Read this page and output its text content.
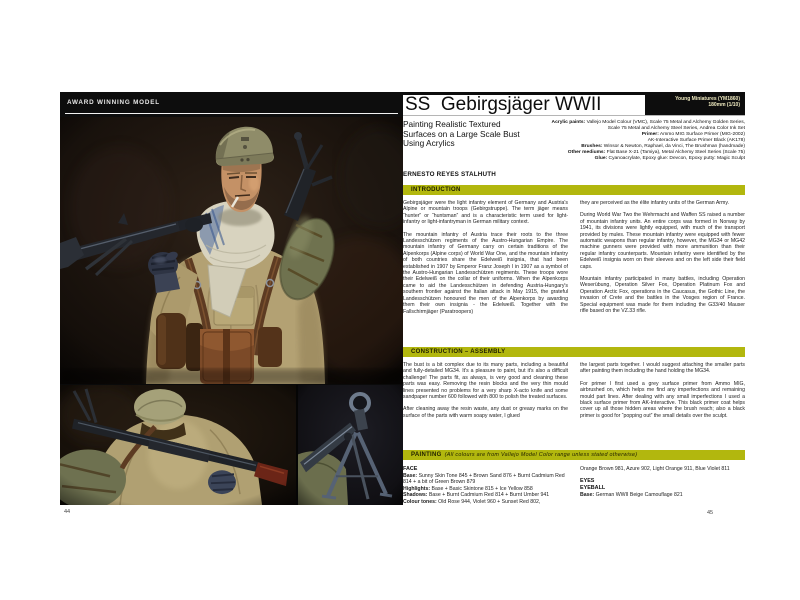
AWARD WINNING MODEL
44
SS  Gebirgsjäger WWII	Young Miniatures (YM1860)
180mm (1/10)
Painting Realistic Textured Surfaces on a Large Scale Bust Using Acrylics
Acrylic paints: Vallejo Model Colour (VMC), Scale 75 Metal and Alchemy Golden Series, Scale 75 Metal and Alchemy Steel Series, Andrea Color Ink Set
Primer: Ammo MIG Surface Primer (MIG-2002)
AK-Interactive Surface Primer Black (AK178)
Brushes: Winsor & Newton, Raphael, da Vinci, The Brushman (handmade)
Other mediums: Flat Base X-21 (Tamiya), Metal Alchemy Steel Series (Scale 75)
Glue: Cyanoacrylate, Epoxy glue: Devcon, Epoxy putty: Magic Sculpt
ERNESTO REYES STALHUTH
INTRODUCTION

Gebirgsjäger were the light infantry element of Germany and Austria's Alpine or mountain troops (Gebirgstruppe). The term jäger means “hunter” or “huntsman” and is a characteristic term used for light-infantry or light-infantryman in German military context.

The mountain infantry of Austria trace their roots to the three Landesschützen regiments of the Austro-Hungarian Empire. The mountain infantry of Germany carry on certain traditions of the Alpenkorps (Alpine corps) of World War One, and the mountain infantry of both countries share the Edelweiß insignia, that had been established in 1907 by Emperor Franz Joseph I in 1907 as a symbol of the Austro-Hungarian Landesschützen regiments. These troops wore their Edelweiß on the collar of their uniforms. When the Alpenkorps came to aid the Landesschützen in defending Austria-Hungary's southern frontier against the Italian attack in May 1915, the grateful Landesschützen honoured the men of the Alpenkorps by awarding them their own insignia - the Edelweiß. Together with the Fallschirmjäger (Paratroopers)

they are perceived as the élite infantry units of the German Army.

During World War Two the Wehrmacht and Waffen SS raised a number of mountain infantry units. An entire corps was formed in Norway by 1941, its divisions were lightly equipped, with much of the transport provided by mules. These mountain infantry were equipped with fewer automatic weapons than regular infantry, however, the MG34 or MG42 machine gunners were provided with more ammunition than their regular infantry counterparts. Mountain infantry were identified by the Edelweiß insignia worn on their sleeves and on the left side their field caps.

Mountain infantry participated in many battles, including Operation Weserübung, Operation Silver Fox, Operation Platinum Fox and Operation Arctic Fox, operations in the Caucasus, the Gothic Line, the invasion of Crete and the battles in the Vosges region of France. Special equipment was made for them including the G33/40 Mauser rifle based on the VZ.33 rifle.

CONSTRUCTION – ASSEMBLY

The bust is a bit complex due to its many parts, including a beautiful and fully-detailed MG34. It's a pleasure to paint, but it's also a difficult challenge! The parts fit, as always, is very good and cleaning these parts was easy. Removing the resin blocks and the very thin mould lines presented no problems for a very sharp X-acto knife and some sandpaper number 600 followed with 800 to polish the treated surfaces.

After cleaning away the resin waste, any dust or greasy marks on the surface of the parts with warm soapy water, I glued

the largest parts together. I would suggest attaching the smaller parts after painting them including the hand holding the MG34.

For primer I first used a grey surface primer from Ammo MIG, airbrushed on, which helps me find any imperfections and remaining mould part lines. After dealing with any small imperfections I used a black surface primer from AK-Interactive. This black primer coat helps cover up all those hidden areas where the brush reach; also a black primer is good for “popping out” the small details over the sculpt.

PAINTING (All colours are from Vallejo Model Color range unless stated otherwise)
FACE

Base: Sunny Skin Tone 845 + Brown Sand 876 + Burnt Cadmium Red 814 + a bit of Green Brown 879

Highlights: Base + Basic Skintone 815 + Ice Yellow 858

Shadows: Base + Burnt Cadmium Red 814 + Burnt Umber 941

Colour tones: Old Rose 944, Violet 960 + Sunset Red 802,

Orange Brown 981, Azure 902, Light Orange 911, Blue Violet 811

EYES
EYEBALL

Base: German WWII Beige Camouflage 821

45
